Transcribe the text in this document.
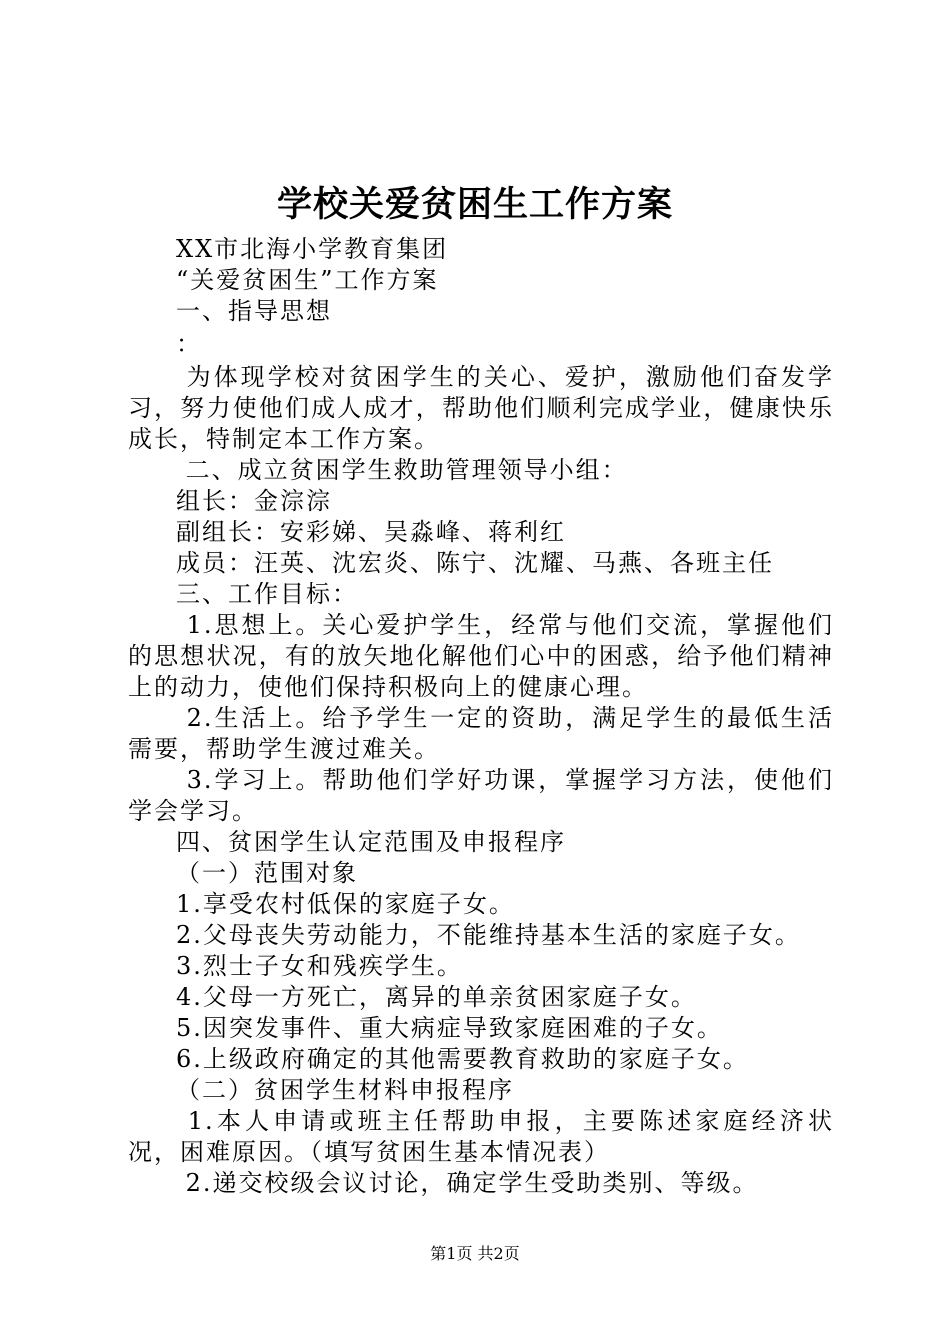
学校关爱贫困生工作方案

XX市北海小学教育集团

“关爱贫困生”工作方案

一、指导思想

：

为体现学校对贫困学生的关心、爱护，激励他们奋发学习，努力使他们成人成才，帮助他们顺利完成学业，健康快乐成长，特制定本工作方案。

二、成立贫困学生救助管理领导小组：

组长：金淙淙

副组长：安彩娣、吴淼峰、蒋利红

成员：汪英、沈宏炎、陈宁、沈耀、马燕、各班主任

三、工作目标：

1.思想上。关心爱护学生，经常与他们交流，掌握他们的思想状况，有的放矢地化解他们心中的困惑，给予他们精神上的动力，使他们保持积极向上的健康心理。

2.生活上。给予学生一定的资助，满足学生的最低生活需要，帮助学生渡过难关。

3.学习上。帮助他们学好功课，掌握学习方法，使他们学会学习。

四、贫困学生认定范围及申报程序

（一）范围对象

1.享受农村低保的家庭子女。

2.父母丧失劳动能力，不能维持基本生活的家庭子女。

3.烈士子女和残疾学生。

4.父母一方死亡，离异的单亲贫困家庭子女。

5.因突发事件、重大病症导致家庭困难的子女。

6.上级政府确定的其他需要教育救助的家庭子女。

（二）贫困学生材料申报程序

1.本人申请或班主任帮助申报，主要陈述家庭经济状况，困难原因。（填写贫困生基本情况表）

2.递交校级会议讨论，确定学生受助类别、等级。

第1页 共2页
